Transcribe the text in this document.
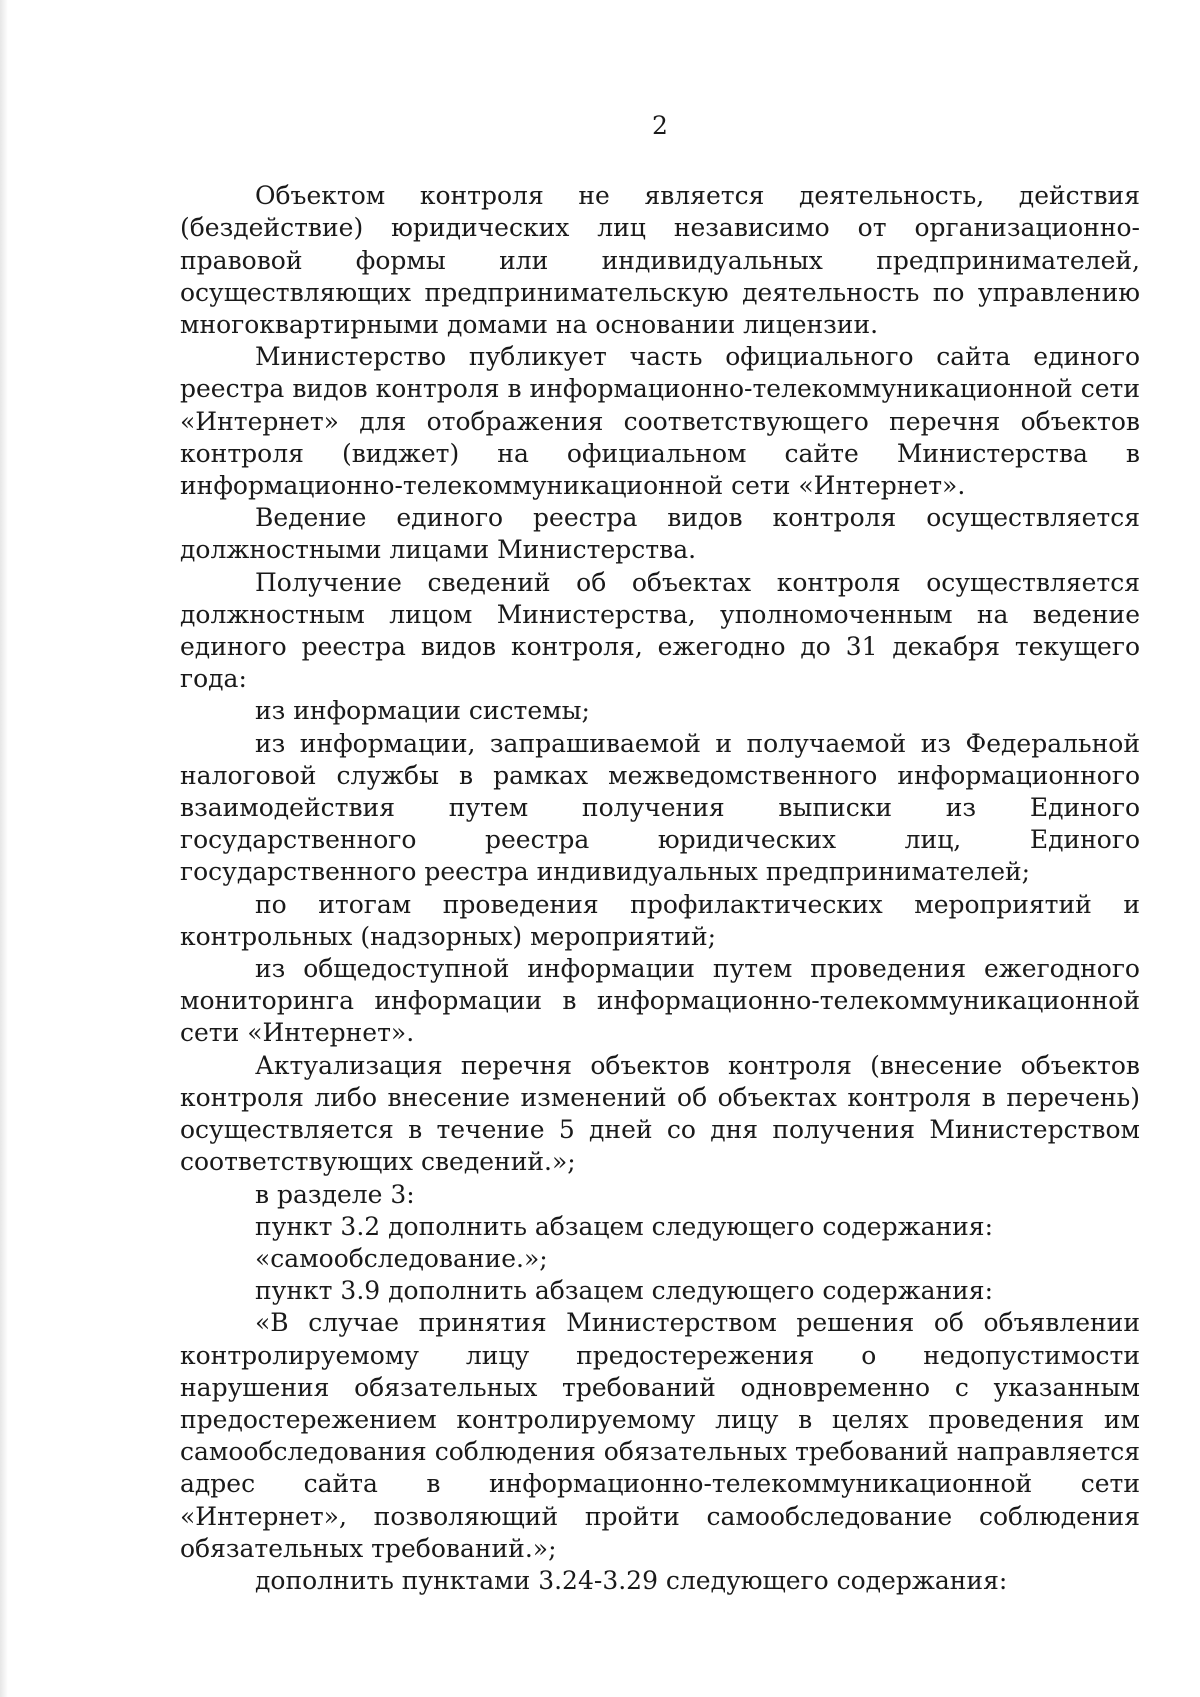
2

Объектом контроля не является деятельность, действия (бездействие) юридических лиц независимо от организационно-правовой формы или индивидуальных предпринимателей, осуществляющих предпринимательскую деятельность по управлению многоквартирными домами на основании лицензии.

Министерство публикует часть официального сайта единого реестра видов контроля в информационно-телекоммуникационной сети «Интернет» для отображения соответствующего перечня объектов контроля (виджет) на официальном сайте Министерства в информационно-телекоммуникационной сети «Интернет».

Ведение единого реестра видов контроля осуществляется должностными лицами Министерства.

Получение сведений об объектах контроля осуществляется должностным лицом Министерства, уполномоченным на ведение единого реестра видов контроля, ежегодно до 31 декабря текущего года:

из информации системы;

из информации, запрашиваемой и получаемой из Федеральной налоговой службы в рамках межведомственного информационного взаимодействия путем получения выписки из Единого государственного реестра юридических лиц, Единого государственного реестра индивидуальных предпринимателей;

по итогам проведения профилактических мероприятий и контрольных (надзорных) мероприятий;

из общедоступной информации путем проведения ежегодного мониторинга информации в информационно-телекоммуникационной сети «Интернет».

Актуализация перечня объектов контроля (внесение объектов контроля либо внесение изменений об объектах контроля в перечень) осуществляется в течение 5 дней со дня получения Министерством соответствующих сведений.»;

в разделе 3:

пункт 3.2 дополнить абзацем следующего содержания:

«самообследование.»;

пункт 3.9 дополнить абзацем следующего содержания:

«В случае принятия Министерством решения об объявлении контролируемому лицу предостережения о недопустимости нарушения обязательных требований одновременно с указанным предостережением контролируемому лицу в целях проведения им самообследования соблюдения обязательных требований направляется адрес сайта в информационно-телекоммуникационной сети «Интернет», позволяющий пройти самообследование соблюдения обязательных требований.»;

дополнить пунктами 3.24-3.29 следующего содержания:
